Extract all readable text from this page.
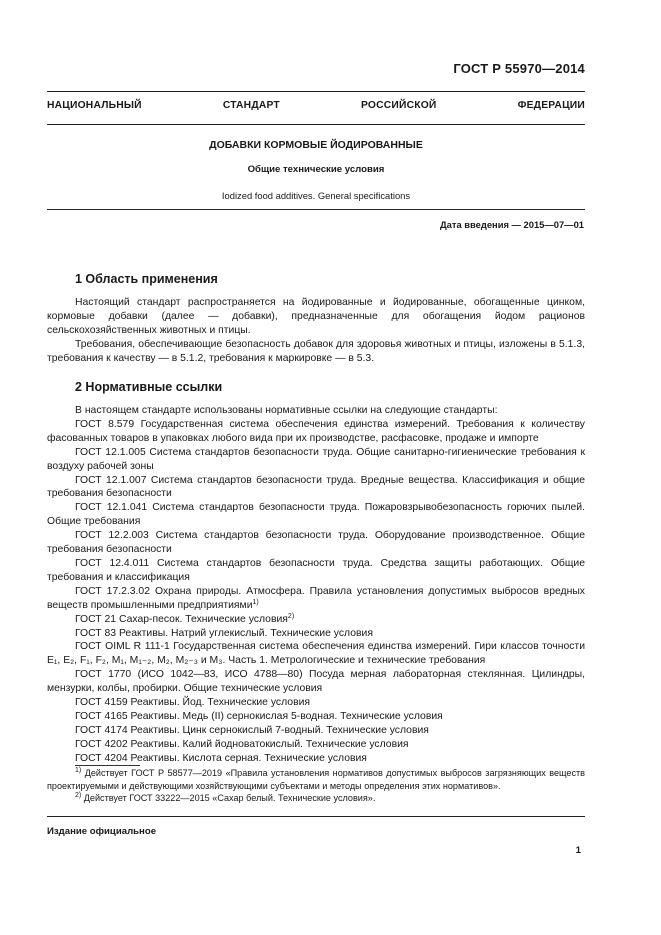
ГОСТ Р 55970—2014
НАЦИОНАЛЬНЫЙ СТАНДАРТ РОССИЙСКОЙ ФЕДЕРАЦИИ
ДОБАВКИ КОРМОВЫЕ ЙОДИРОВАННЫЕ
Общие технические условия
Iodized food additives. General specifications
Дата введения — 2015—07—01
1 Область применения

Настоящий стандарт распространяется на йодированные и йодированные, обогащенные цинком, кормовые добавки (далее — добавки), предназначенные для обогащения йодом рационов сельскохозяйственных животных и птицы.

Требования, обеспечивающие безопасность добавок для здоровья животных и птицы, изложены в 5.1.3, требования к качеству — в 5.1.2, требования к маркировке — в 5.3.

2 Нормативные ссылки

В настоящем стандарте использованы нормативные ссылки на следующие стандарты:

ГОСТ 8.579 Государственная система обеспечения единства измерений. Требования к количеству фасованных товаров в упаковках любого вида при их производстве, расфасовке, продаже и импорте

ГОСТ 12.1.005 Система стандартов безопасности труда. Общие санитарно-гигиенические требования к воздуху рабочей зоны

ГОСТ 12.1.007 Система стандартов безопасности труда. Вредные вещества. Классификация и общие требования безопасности

ГОСТ 12.1.041 Система стандартов безопасности труда. Пожаровзрывобезопасность горючих пылей. Общие требования

ГОСТ 12.2.003 Система стандартов безопасности труда. Оборудование производственное. Общие требования безопасности

ГОСТ 12.4.011 Система стандартов безопасности труда. Средства защиты работающих. Общие требования и классификация

ГОСТ 17.2.3.02 Охрана природы. Атмосфера. Правила установления допустимых выбросов вредных веществ промышленными предприятиями$^{1)}$

ГОСТ 21 Сахар-песок. Технические условия$^{2)}$

ГОСТ 83 Реактивы. Натрий углекислый. Технические условия

ГОСТ OIML R 111-1 Государственная система обеспечения единства измерений. Гири классов точности Е₁, Е₂, F₁, F₂, M₁, M₁₋₂, M₂, M₂₋₃ и M₃. Часть 1. Метрологические и технические требования

ГОСТ 1770 (ИСО 1042—83, ИСО 4788—80) Посуда мерная лабораторная стеклянная. Цилиндры, мензурки, колбы, пробирки. Общие технические условия

ГОСТ 4159 Реактивы. Йод. Технические условия

ГОСТ 4165 Реактивы. Медь (II) сернокислая 5-водная. Технические условия

ГОСТ 4174 Реактивы. Цинк сернокислый 7-водный. Технические условия

ГОСТ 4202 Реактивы. Калий йодноватокислый. Технические условия

ГОСТ 4204 Реактивы. Кислота серная. Технические условия

$^{1)}$ Действует ГОСТ Р 58577—2019 «Правила установления нормативов допустимых выбросов загрязняющих веществ проектируемыми и действующими хозяйствующими субъектами и методы определения этих нормативов».

$^{2)}$ Действует ГОСТ 33222—2015 «Сахар белый. Технические условия».

Издание официальное
1
